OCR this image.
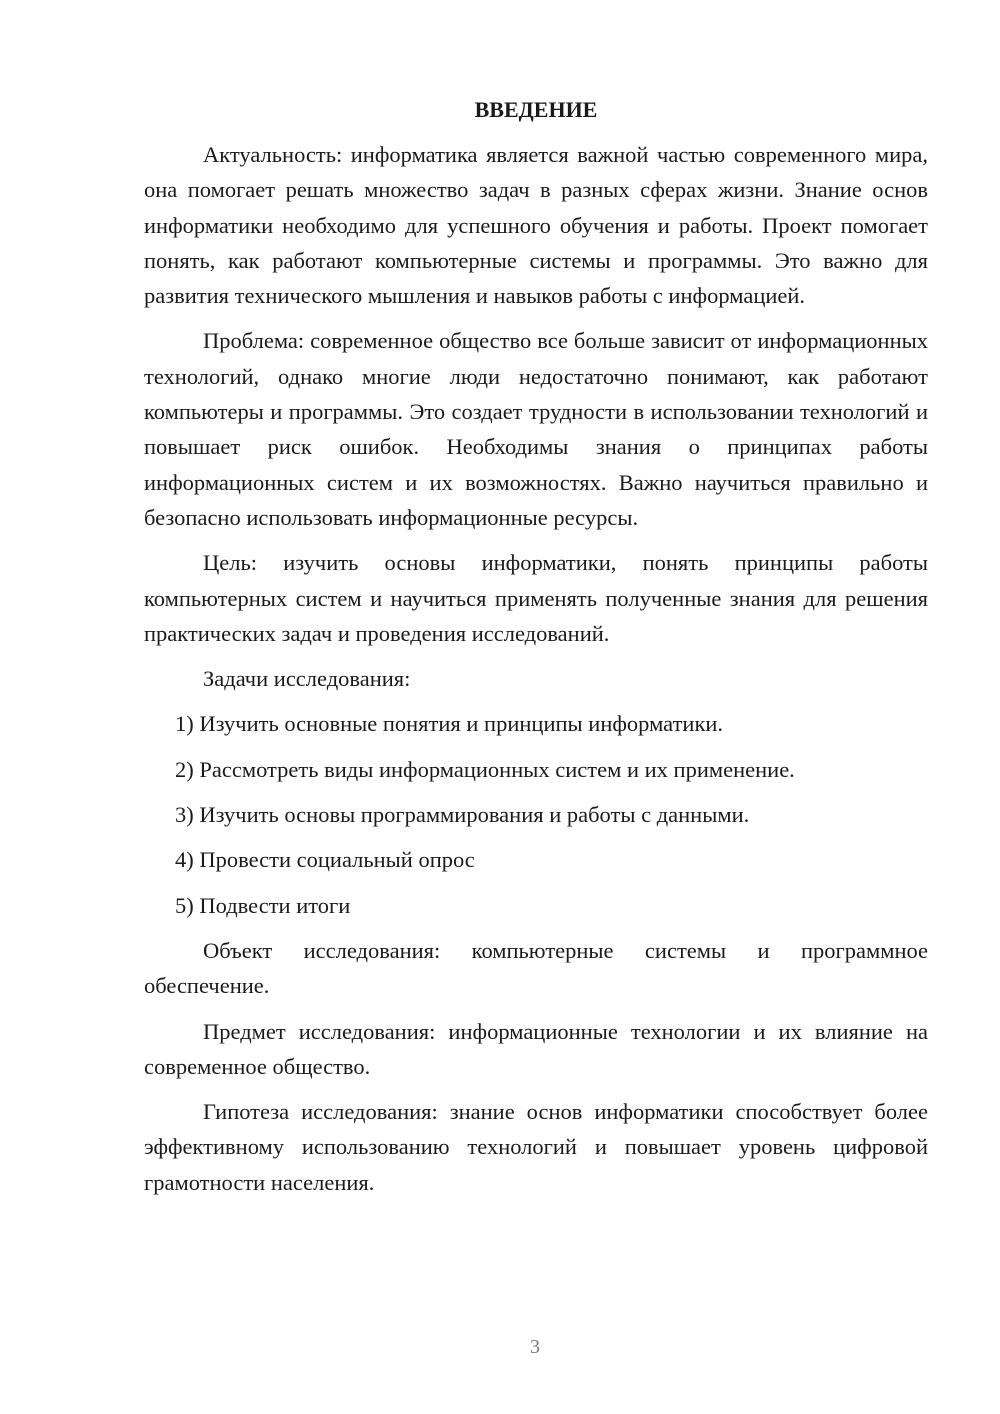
ВВЕДЕНИЕ

Актуальность: информатика является важной частью современного мира, она помогает решать множество задач в разных сферах жизни. Знание основ информатики необходимо для успешного обучения и работы. Проект помогает понять, как работают компьютерные системы и программы. Это важно для развития технического мышления и навыков работы с информацией.

Проблема: современное общество все больше зависит от информационных технологий, однако многие люди недостаточно понимают, как работают компьютеры и программы. Это создает трудности в использовании технологий и повышает риск ошибок. Необходимы знания о принципах работы информационных систем и их возможностях. Важно научиться правильно и безопасно использовать информационные ресурсы.

Цель: изучить основы информатики, понять принципы работы компьютерных систем и научиться применять полученные знания для решения практических задач и проведения исследований.

Задачи исследования:

1) Изучить основные понятия и принципы информатики.
2) Рассмотреть виды информационных систем и их применение.
3) Изучить основы программирования и работы с данными.
4) Провести социальный опрос
5) Подвести итоги

Объект исследования: компьютерные системы и программное обеспечение.

Предмет исследования: информационные технологии и их влияние на современное общество.

Гипотеза исследования: знание основ информатики способствует более эффективному использованию технологий и повышает уровень цифровой грамотности населения.

3
